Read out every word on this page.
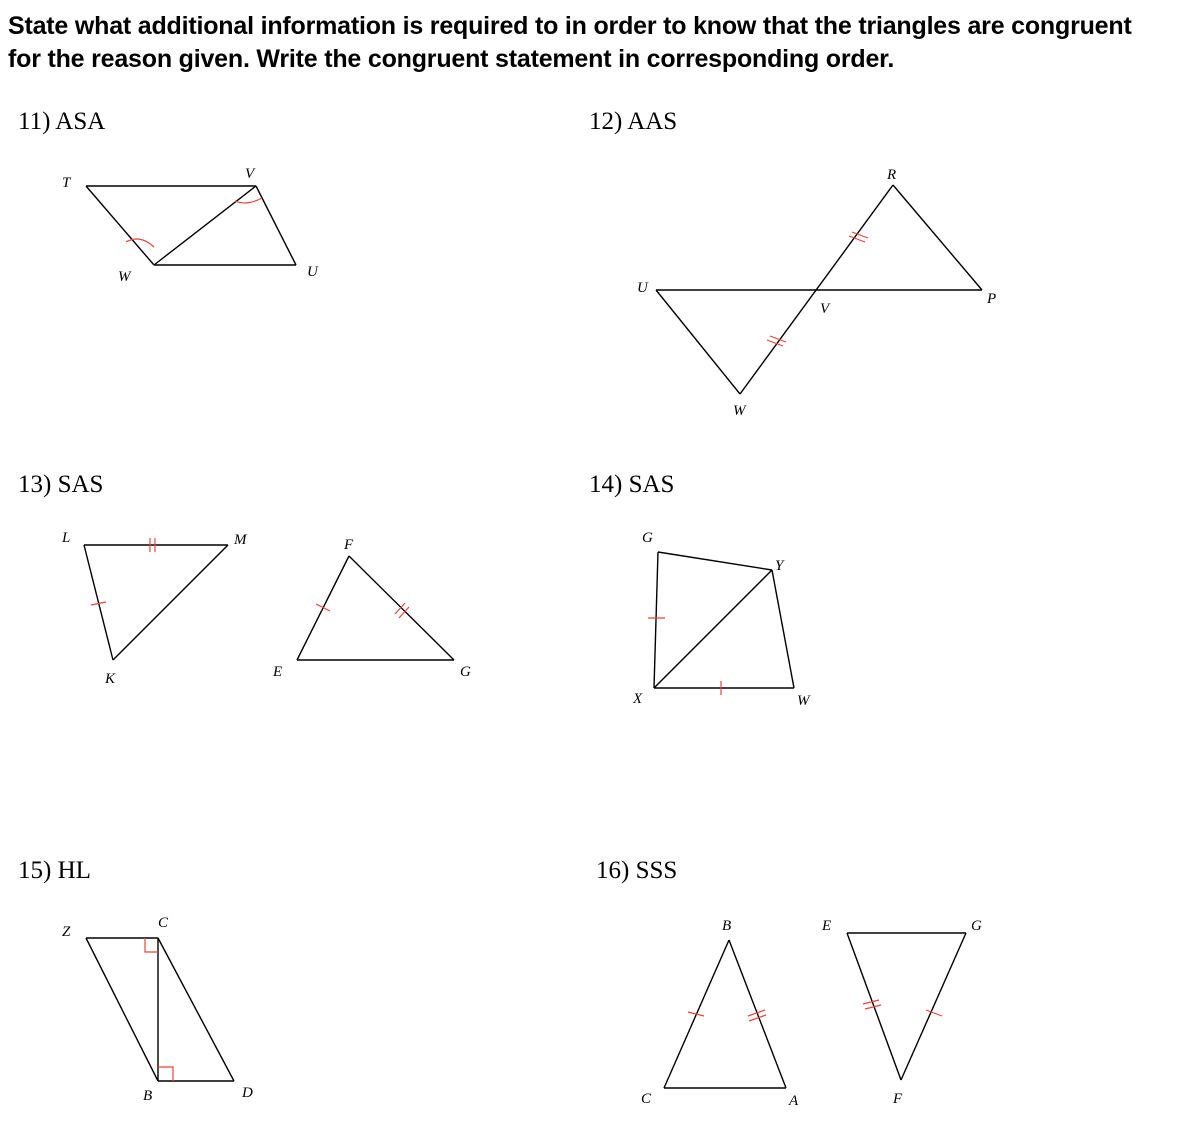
State what additional information is required to in order to know that the triangles are congruent
for the reason given. Write the congruent statement in corresponding order.
11) ASA	12) AAS
13) SAS	14) SAS
15) HL	16) SSS
T
V
W	U
R
U
V
P
W
L	M
K
F
E	G
G
Y
X	W
Z
C
B	D
B	E	G
C	A	F
